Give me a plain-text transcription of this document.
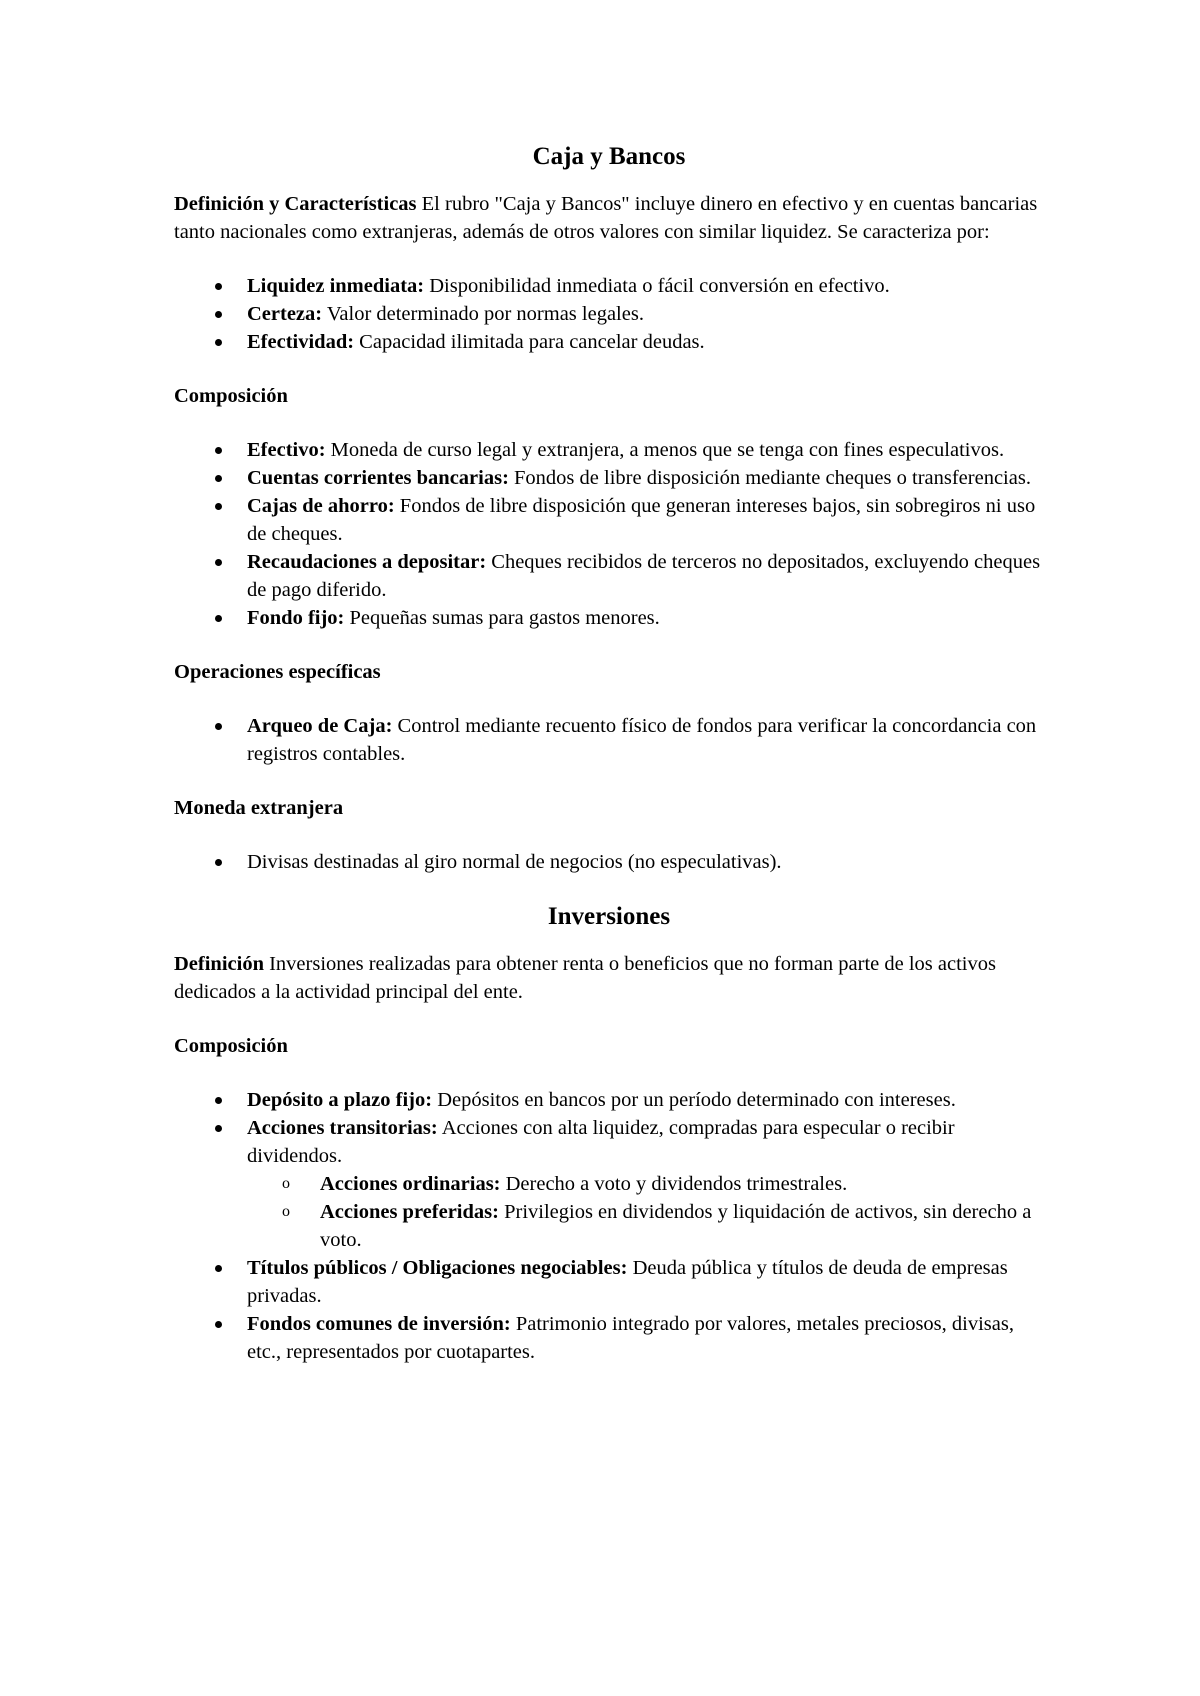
Caja y Bancos

Definición y Características El rubro "Caja y Bancos" incluye dinero en efectivo y en cuentas bancarias tanto nacionales como extranjeras, además de otros valores con similar liquidez. Se caracteriza por:

Liquidez inmediata: Disponibilidad inmediata o fácil conversión en efectivo.
Certeza: Valor determinado por normas legales.
Efectividad: Capacidad ilimitada para cancelar deudas.

Composición

Efectivo: Moneda de curso legal y extranjera, a menos que se tenga con fines especulativos.
Cuentas corrientes bancarias: Fondos de libre disposición mediante cheques o transferencias.
Cajas de ahorro: Fondos de libre disposición que generan intereses bajos, sin sobregiros ni uso de cheques.
Recaudaciones a depositar: Cheques recibidos de terceros no depositados, excluyendo cheques de pago diferido.
Fondo fijo: Pequeñas sumas para gastos menores.

Operaciones específicas

Arqueo de Caja: Control mediante recuento físico de fondos para verificar la concordancia con registros contables.

Moneda extranjera

Divisas destinadas al giro normal de negocios (no especulativas).
Inversiones

Definición Inversiones realizadas para obtener renta o beneficios que no forman parte de los activos dedicados a la actividad principal del ente.

Composición

Depósito a plazo fijo: Depósitos en bancos por un período determinado con intereses.
Acciones transitorias: Acciones con alta liquidez, compradas para especular o recibir dividendos.
o Acciones ordinarias: Derecho a voto y dividendos trimestrales.
o Acciones preferidas: Privilegios en dividendos y liquidación de activos, sin derecho a voto.
Títulos públicos / Obligaciones negociables: Deuda pública y títulos de deuda de empresas privadas.
Fondos comunes de inversión: Patrimonio integrado por valores, metales preciosos, divisas, etc., representados por cuotapartes.
